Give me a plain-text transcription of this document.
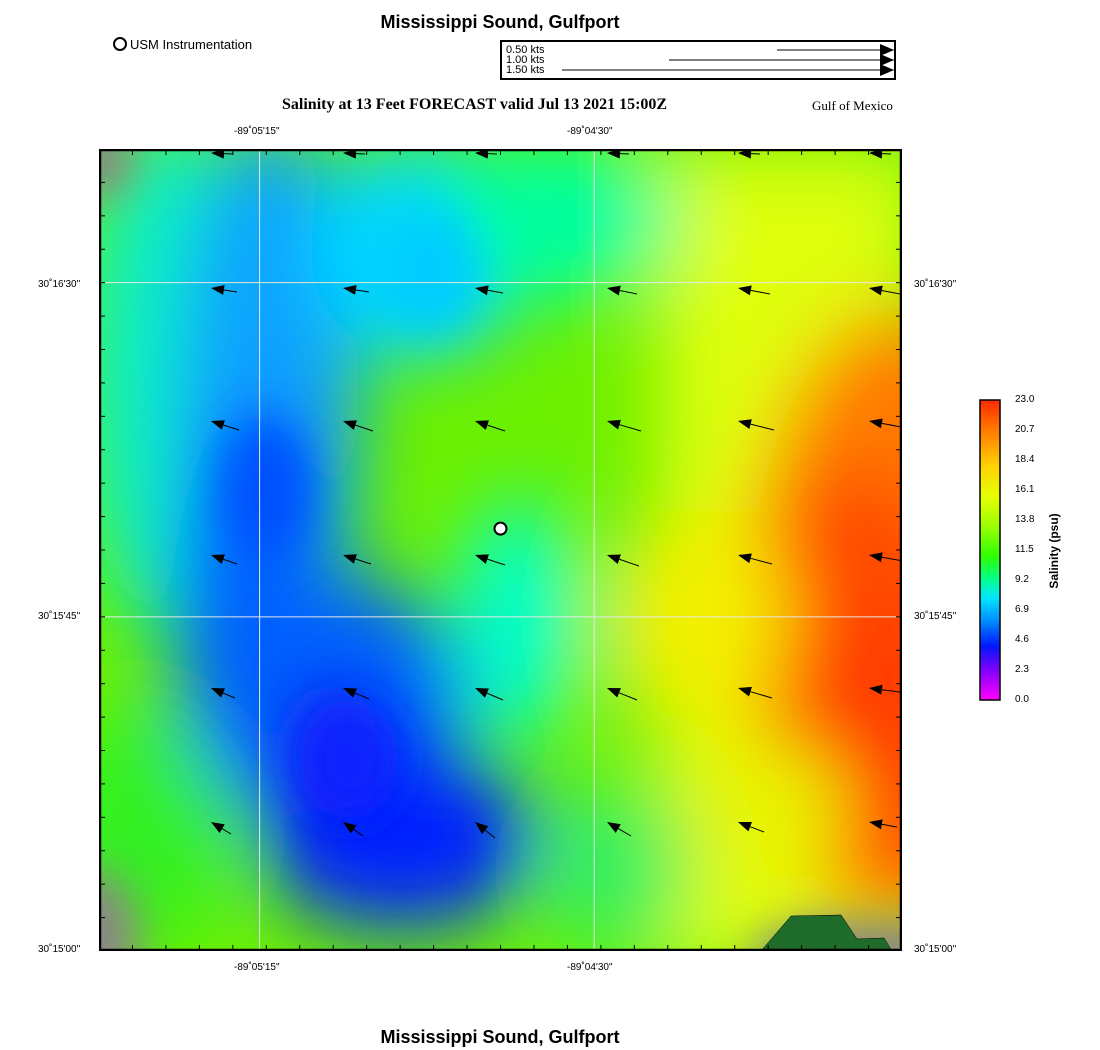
Mississippi Sound, Gulfport
USM Instrumentation	0.50 kts
1.00 kts
1.50 kts
Salinity at 13 Feet FORECAST valid Jul 13 2021 15:00Z	Gulf of Mexico
-89˚05'15"	-89˚04'30"
-89˚05'15"	-89˚04'30"
30˚16'30"
30˚15'45"
30˚15'00"
30˚16'30"
30˚15'45"
30˚15'00"
23.0
20.7
18.4
16.1
13.8
11.5
9.2
6.9
4.6
2.3
0.0
Salinity (psu)
Mississippi Sound, Gulfport
